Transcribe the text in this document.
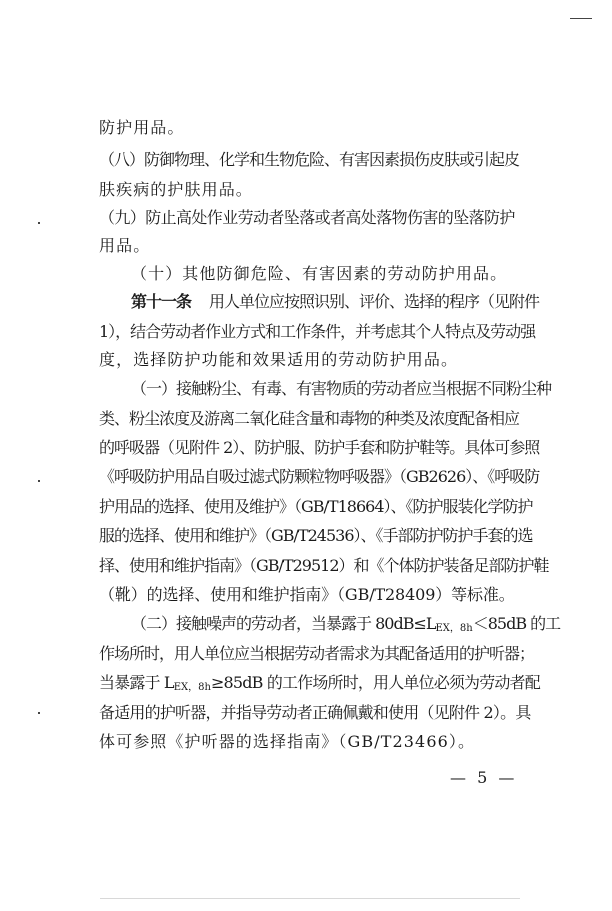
防护用品。
（八）防御物理、化学和生物危险、有害因素损伤皮肤或引起皮
肤疾病的护肤用品。
（九）防止高处作业劳动者坠落或者高处落物伤害的坠落防护
用品。
（十）其他防御危险、有害因素的劳动防护用品。
第十一条 用人单位应按照识别、评价、选择的程序（见附件
1），结合劳动者作业方式和工作条件，并考虑其个人特点及劳动强
度，选择防护功能和效果适用的劳动防护用品。
（一）接触粉尘、有毒、有害物质的劳动者应当根据不同粉尘种
类、粉尘浓度及游离二氧化硅含量和毒物的种类及浓度配备相应
的呼吸器（见附件 2）、防护服、防护手套和防护鞋等。具体可参照
《呼吸防护用品自吸过滤式防颗粒物呼吸器》（GB2626）、《呼吸防
护用品的选择、使用及维护》（GB/T18664）、《防护服装化学防护
服的选择、使用和维护》（GB/T24536）、《手部防护防护手套的选
择、使用和维护指南》（GB/T29512）和《个体防护装备足部防护鞋
（靴）的选择、使用和维护指南》（GB/T28409）等标准。
（二）接触噪声的劳动者，当暴露于 $80dB\le L_{EX,8h}<85dB$ 的工
作场所时，用人单位应当根据劳动者需求为其配备适用的护听器；
当暴露于 $L_{EX,8h}\ge 85dB$ 的工作场所时，用人单位必须为劳动者配
备适用的护听器，并指导劳动者正确佩戴和使用（见附件 2）。具
体可参照《护听器的选择指南》（GB/T23466）。
— 5 —
